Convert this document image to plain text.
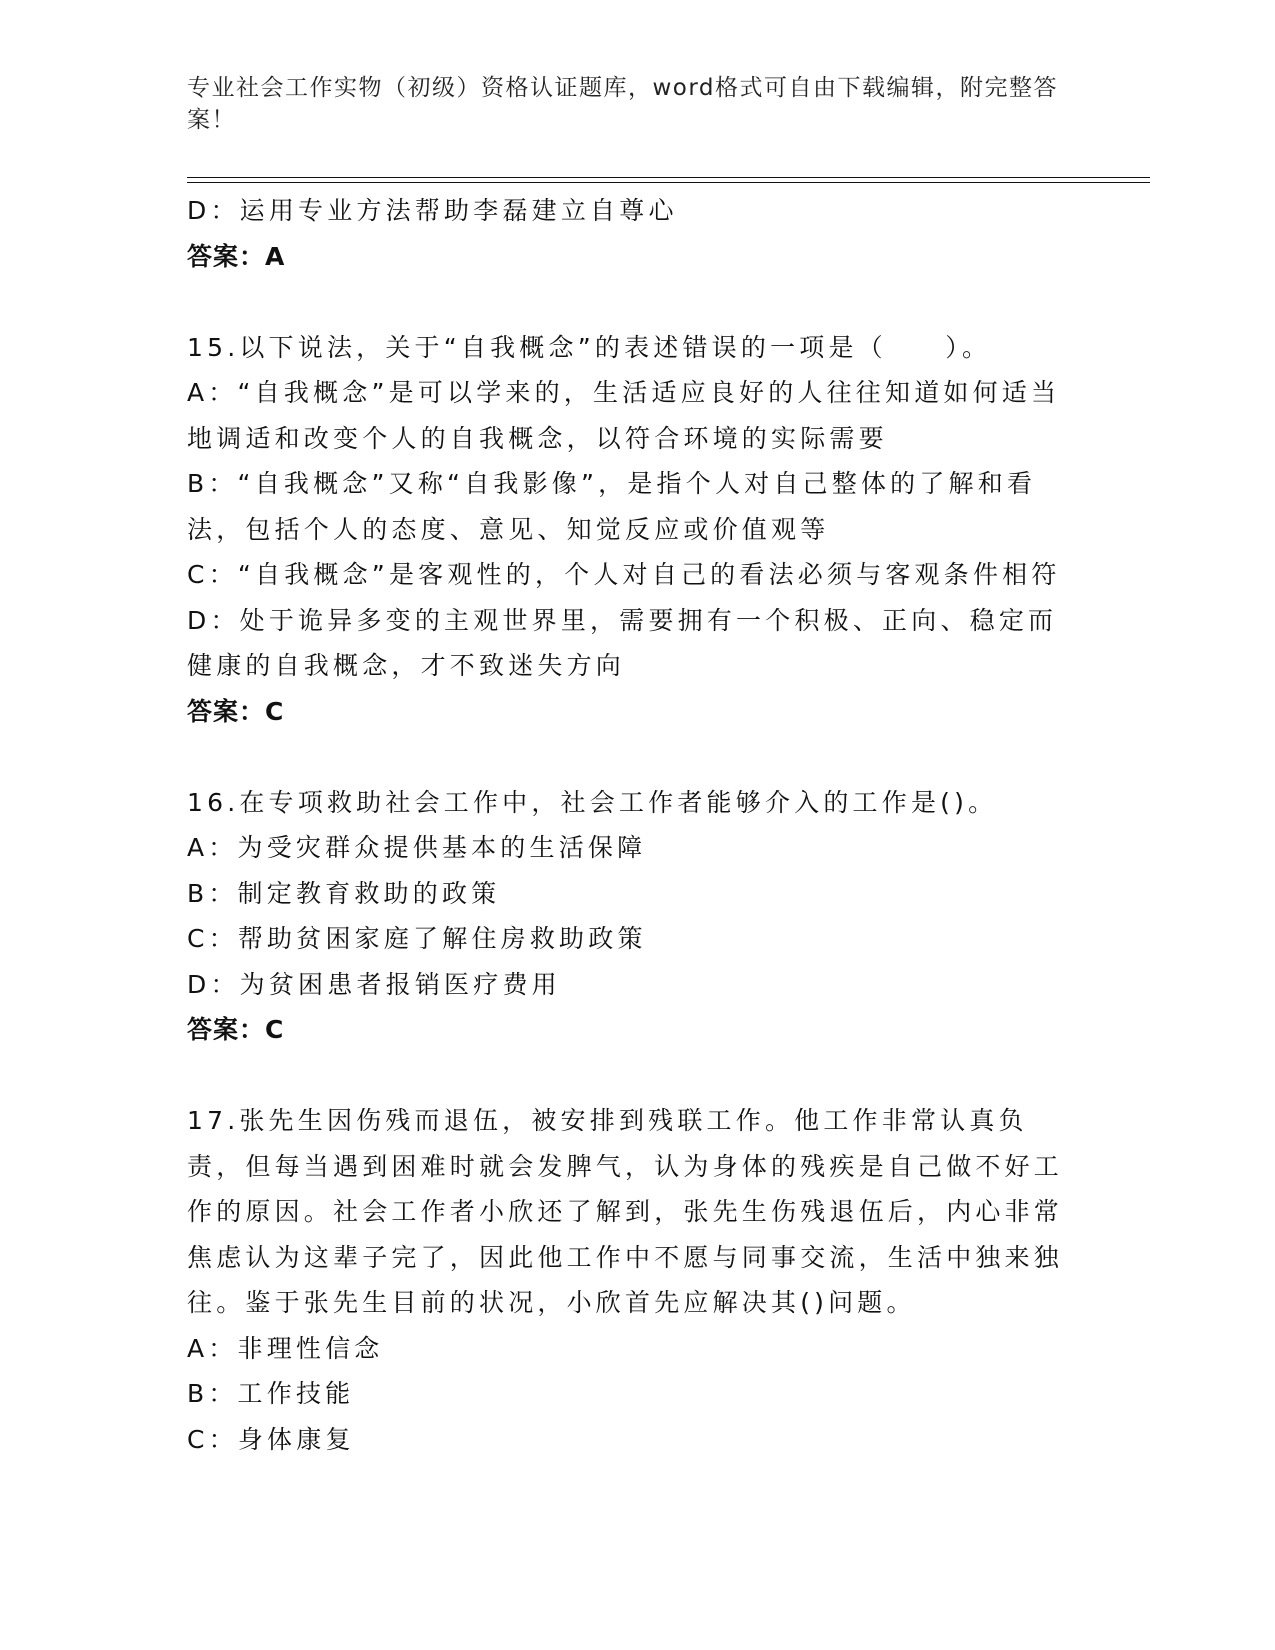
专业社会工作实物（初级）资格认证题库，word格式可自由下载编辑，附完整答案！
D：运用专业方法帮助李磊建立自尊心
答案：A
15.以下说法，关于“自我概念”的表述错误的一项是（　　）。
A：“自我概念”是可以学来的，生活适应良好的人往往知道如何适当地调适和改变个人的自我概念，以符合环境的实际需要
B：“自我概念”又称“自我影像”，是指个人对自己整体的了解和看法，包括个人的态度、意见、知觉反应或价值观等
C：“自我概念”是客观性的，个人对自己的看法必须与客观条件相符
D：处于诡异多变的主观世界里，需要拥有一个积极、正向、稳定而健康的自我概念，才不致迷失方向
答案：C
16.在专项救助社会工作中，社会工作者能够介入的工作是()。
A：为受灾群众提供基本的生活保障
B：制定教育救助的政策
C：帮助贫困家庭了解住房救助政策
D：为贫困患者报销医疗费用
答案：C
17.张先生因伤残而退伍，被安排到残联工作。他工作非常认真负责，但每当遇到困难时就会发脾气，认为身体的残疾是自己做不好工作的原因。社会工作者小欣还了解到，张先生伤残退伍后，内心非常焦虑认为这辈子完了，因此他工作中不愿与同事交流，生活中独来独往。鉴于张先生目前的状况，小欣首先应解决其()问题。
A：非理性信念
B：工作技能
C：身体康复
